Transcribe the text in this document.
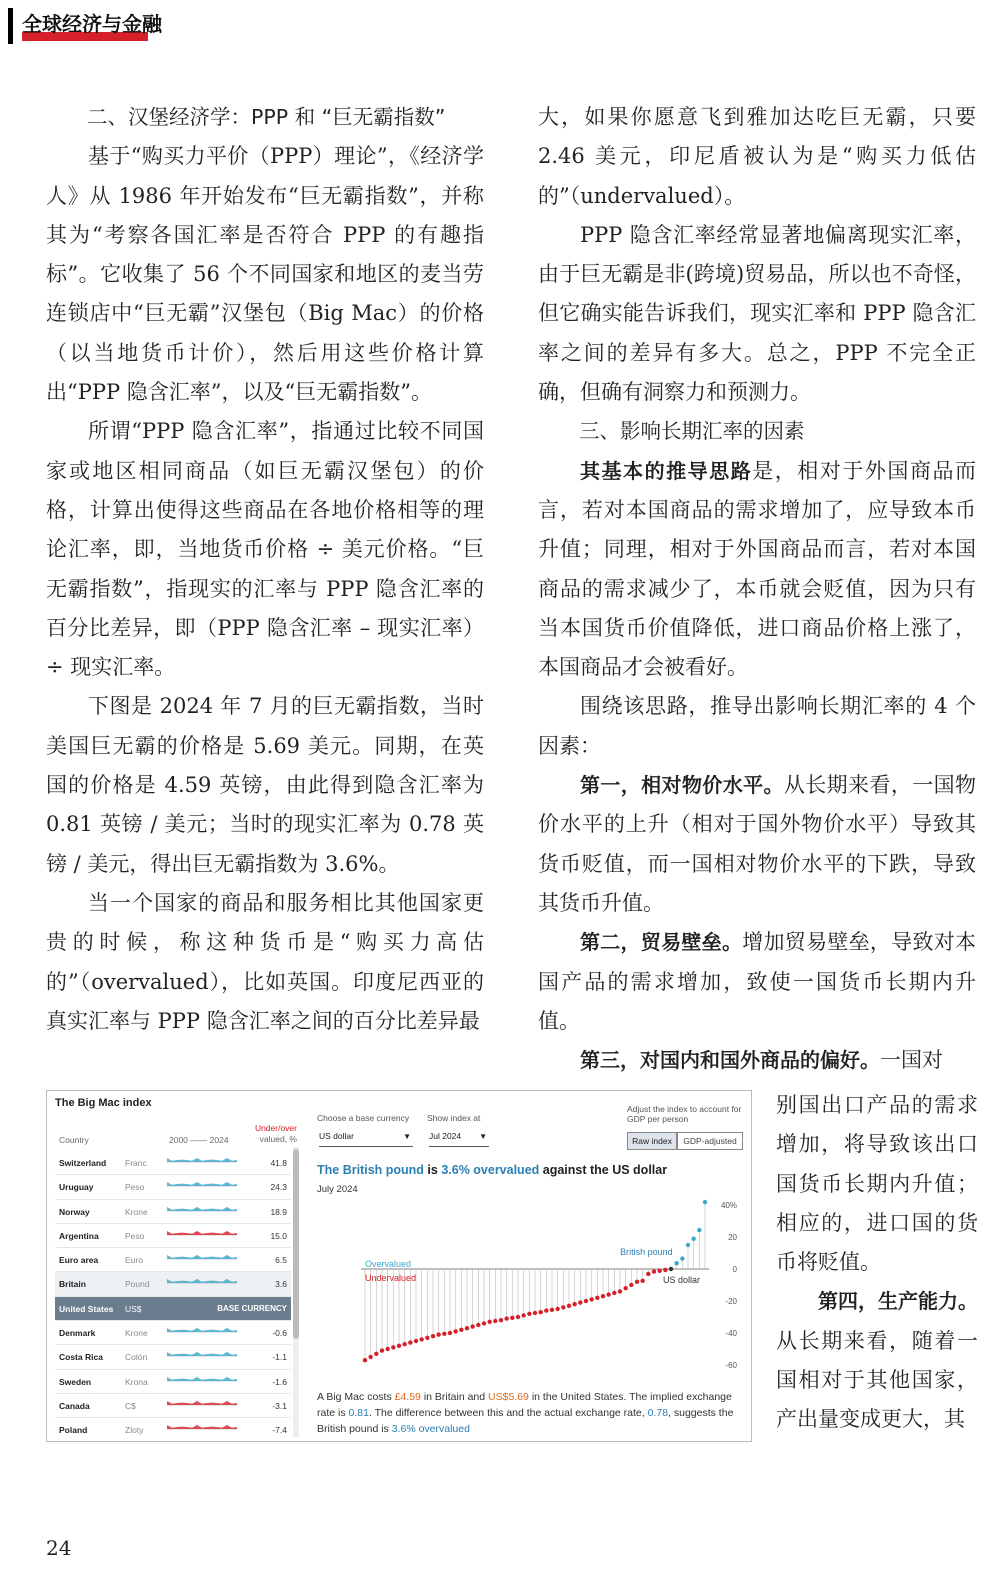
全球经济与金融

二、汉堡经济学：PPP 和 “巨无霸指数”

基于“购买力平价（PPP）理论”，《经济学人》从 1986 年开始发布“巨无霸指数”，并称其为“考察各国汇率是否符合 PPP 的有趣指标”。它收集了 56 个不同国家和地区的麦当劳连锁店中“巨无霸”汉堡包（Big Mac）的价格（以当地货币计价），然后用这些价格计算出“PPP 隐含汇率”，以及“巨无霸指数”。

所谓“PPP 隐含汇率”，指通过比较不同国家或地区相同商品（如巨无霸汉堡包）的价格，计算出使得这些商品在各地价格相等的理论汇率，即，当地货币价格 ÷ 美元价格。“巨无霸指数”，指现实的汇率与 PPP 隐含汇率的百分比差异，即（PPP 隐含汇率 – 现实汇率）÷ 现实汇率。

下图是 2024 年 7 月的巨无霸指数，当时美国巨无霸的价格是 5.69 美元。同期，在英国的价格是 4.59 英镑，由此得到隐含汇率为 0.81 英镑 / 美元；当时的现实汇率为 0.78 英镑 / 美元，得出巨无霸指数为 3.6%。

当一个国家的商品和服务相比其他国家更贵的时候，称这种货币是“购买力高估的”（overvalued），比如英国。印度尼西亚的真实汇率与 PPP 隐含汇率之间的百分比差异最

大，如果你愿意飞到雅加达吃巨无霸，只要 2.46 美元，印尼盾被认为是“购买力低估的”（undervalued）。

PPP 隐含汇率经常显著地偏离现实汇率，由于巨无霸是非(跨境)贸易品，所以也不奇怪，但它确实能告诉我们，现实汇率和 PPP 隐含汇率之间的差异有多大。总之，PPP 不完全正确，但确有洞察力和预测力。

三、影响长期汇率的因素

其基本的推导思路是，相对于外国商品而言，若对本国商品的需求增加了，应导致本币升值；同理，相对于外国商品而言，若对本国商品的需求减少了，本币就会贬值，因为只有当本国货币价值降低，进口商品价格上涨了，本国商品才会被看好。

围绕该思路，推导出影响长期汇率的 4 个因素：

第一，相对物价水平。从长期来看，一国物价水平的上升（相对于国外物价水平）导致其货币贬值，而一国相对物价水平的下跌，导致其货币升值。

第二，贸易壁垒。增加贸易壁垒，导致对本国产品的需求增加，致使一国货币长期内升值。

第三，对国内和国外商品的偏好。一国对

别国出口产品的需求增加，将导致该出口国货币长期内升值；相应的，进口国的货币将贬值。

第四，生产能力。从长期来看，随着一国相对于其他国家，产出量变成更大，其

The Big Mac index
Country	2000 —— 2024
Under/over
valued, %
Switzerland Franc	41.8
Uruguay	Peso	24.3
Norway	Krone	18.9
Argentina	Peso	15.0
Euro area	Euro	6.5
Britain	Pound	3.6
United States US$	BASE CURRENCY
Denmark	Krone	-0.6
Costa Rica	Colón	-1.1
Sweden	Krona	-1.6
Canada	C$	-3.1
Poland	Zloty	-7.4
Choose a base currency
US dollar	▼
Show index at
Jul 2024 ▼
Adjust the index to account for GDP per person
Raw index	GDP-adjusted
The British pound is 3.6% overvalued against the US dollar
July 2024
40%
20
0
-20
-40
-60
Overvalued
Undervalued
British pound
US dollar
A Big Mac costs £4.59 in Britain and US$5.69 in the United States. The implied exchange rate is 0.81. The difference between this and the actual exchange rate, 0.78, suggests the British pound is 3.6% overvalued
24
